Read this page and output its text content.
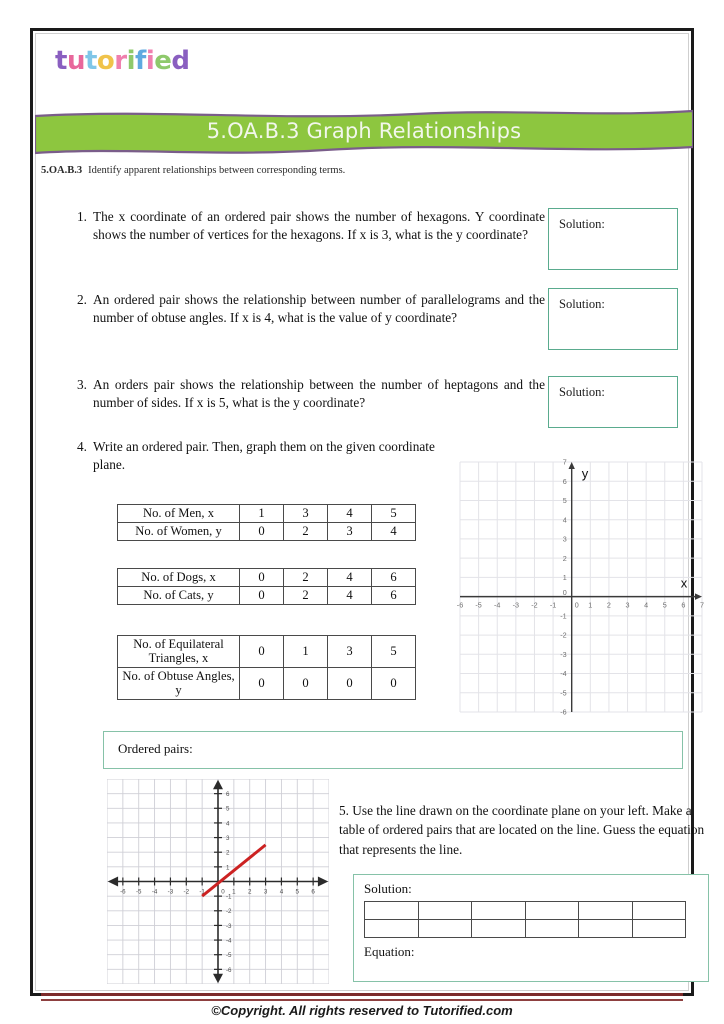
tutorified
5.OA.B.3 Graph Relationships
5.OA.B.3 Identify apparent relationships between corresponding terms.
1. The x coordinate of an ordered pair shows the number of hexagons. Y coordinate shows the number of vertices for the hexagons. If x is 3, what is the y coordinate?
2. An ordered pair shows the relationship between number of parallelograms and the number of obtuse angles. If x is 4, what is the value of y coordinate?
3. An orders pair shows the relationship between the number of heptagons and the number of sides. If x is 5, what is the y coordinate?
4. Write an ordered pair. Then, graph them on the given coordinate plane.
Solution:
Solution:
Solution:
No. of Men, x	1	3	4	5
No. of Women, y	0	2	3	4
No. of Dogs, x	0	2	4	6
No. of Cats, y	0	2	4	6
No. of Equilateral Triangles, x	0	1	3	5
No. of Obtuse Angles, y	0	0	0	0
-6 -5 -4 -3 -2 -1	1 2 3 4 5 6 7
-6
-5
-4
-3
-2
-1
1
2
3
4
5
6
7
0
0
x
y
Ordered pairs:
-6 -5 -4 -3 -2 -1	1 2 3 4 5 6
-6
-5
-4
-3
-2
-1
1
2
3
4
5
6
0
5. Use the line drawn on the coordinate plane on your left. Make a table of ordered pairs that are located on the line. Guess the equation that represents the line.
Solution:

Equation:
©Copyright. All rights reserved to Tutorified.com
